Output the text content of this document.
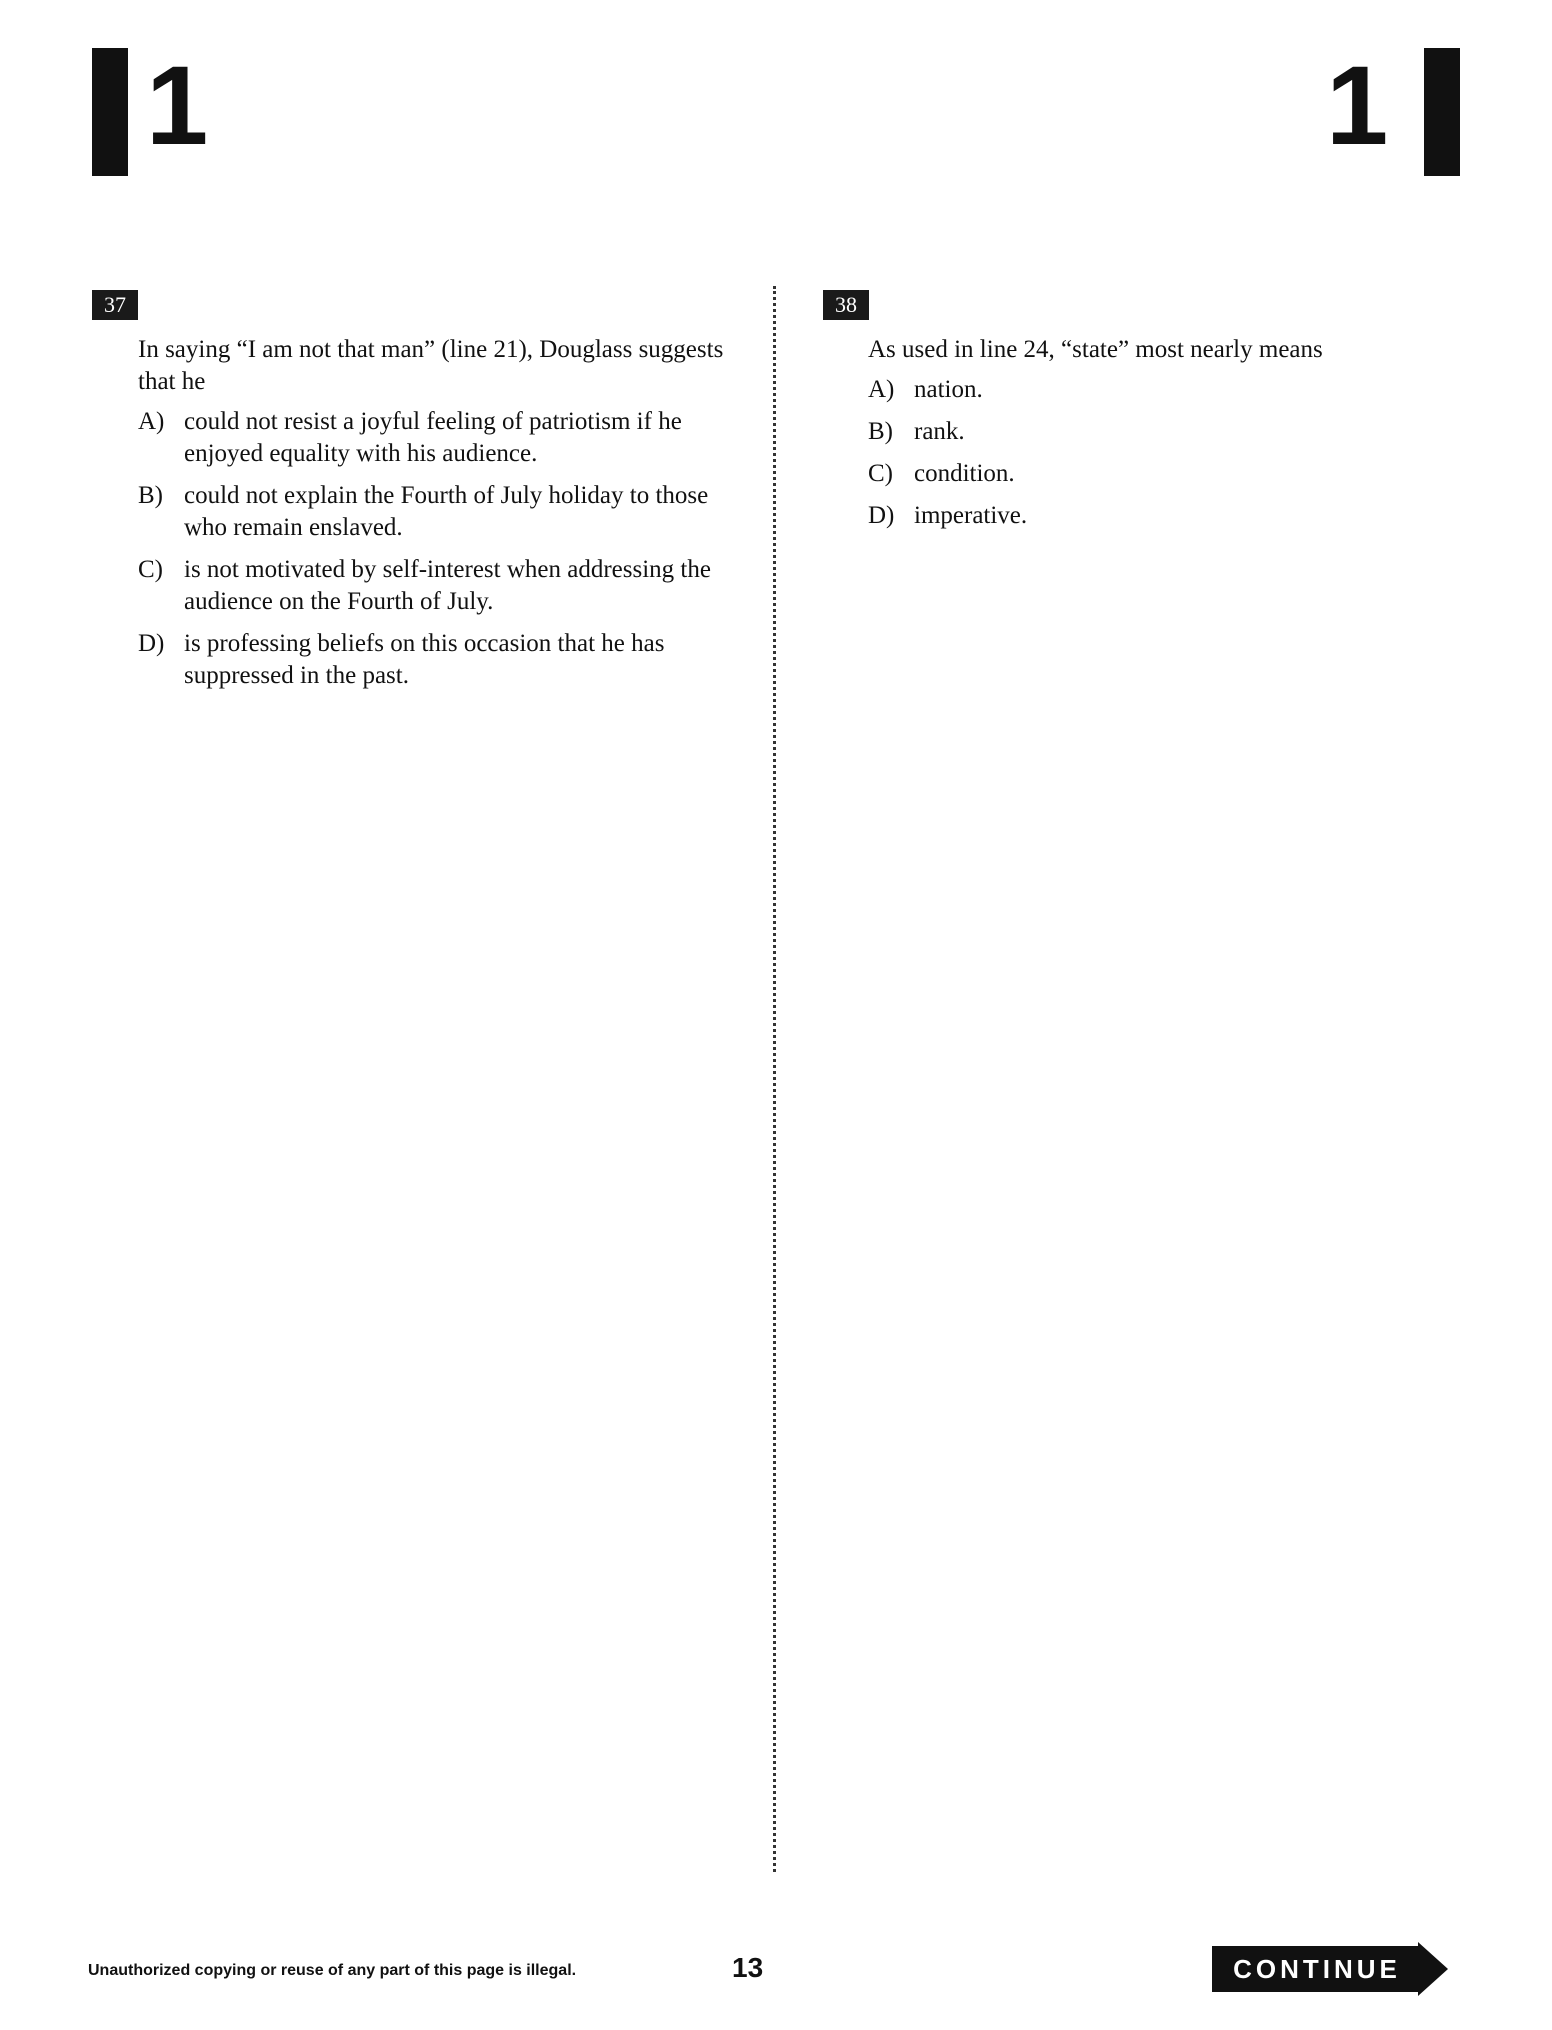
1	1
37

In saying “I am not that man” (line 21), Douglass suggests that he

A) could not resist a joyful feeling of patriotism if he enjoyed equality with his audience.
B) could not explain the Fourth of July holiday to those who remain enslaved.
C) is not motivated by self-interest when addressing the audience on the Fourth of July.
D) is professing beliefs on this occasion that he has suppressed in the past.
38

As used in line 24, “state” most nearly means

A) nation.
B) rank.
C) condition.
D) imperative.
Unauthorized copying or reuse of any part of this page is illegal.	13	CONTINUE
